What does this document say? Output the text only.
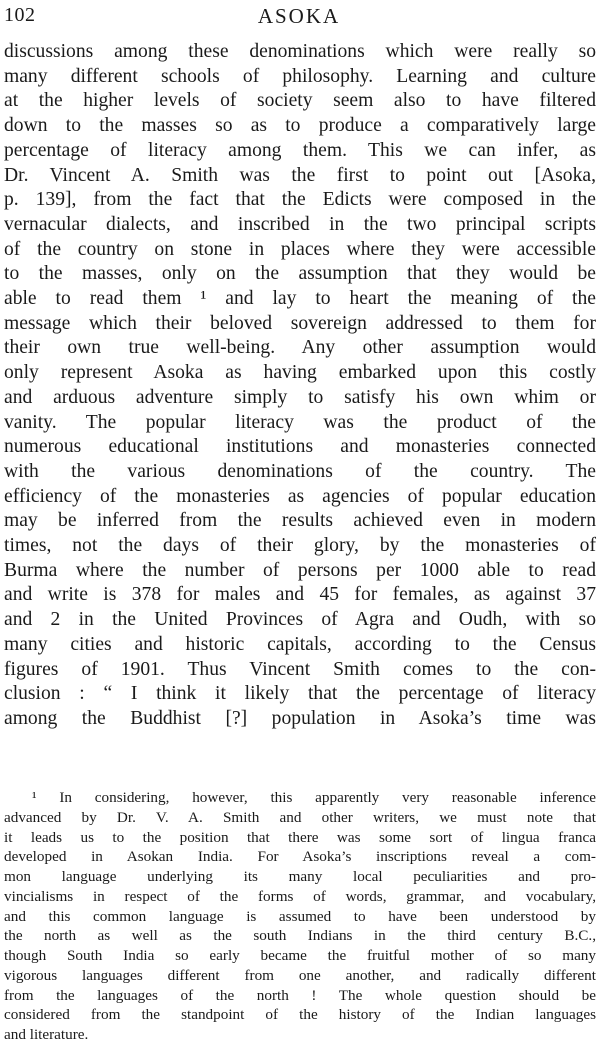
102	ASOKA
discussions among these denominations which were really so
many different schools of philosophy. Learning and culture
at the higher levels of society seem also to have filtered
down to the masses so as to produce a comparatively large
percentage of literacy among them. This we can infer, as
Dr. Vincent A. Smith was the first to point out [Asoka,
p. 139], from the fact that the Edicts were composed in the
vernacular dialects, and inscribed in the two principal scripts
of the country on stone in places where they were accessible
to the masses, only on the assumption that they would be
able to read them ¹ and lay to heart the meaning of the
message which their beloved sovereign addressed to them for
their own true well-being. Any other assumption would
only represent Asoka as having embarked upon this costly
and arduous adventure simply to satisfy his own whim or
vanity. The popular literacy was the product of the
numerous educational institutions and monasteries connected
with the various denominations of the country. The
efficiency of the monasteries as agencies of popular education
may be inferred from the results achieved even in modern
times, not the days of their glory, by the monasteries of
Burma where the number of persons per 1000 able to read
and write is 378 for males and 45 for females, as against 37
and 2 in the United Provinces of Agra and Oudh, with so
many cities and historic capitals, according to the Census
figures of 1901. Thus Vincent Smith comes to the con-
clusion : “ I think it likely that the percentage of literacy
among the Buddhist [?] population in Asoka’s time was
¹ In considering, however, this apparently very reasonable inference
advanced by Dr. V. A. Smith and other writers, we must note that
it leads us to the position that there was some sort of lingua franca
developed in Asokan India. For Asoka’s inscriptions reveal a com-
mon language underlying its many local peculiarities and pro-
vincialisms in respect of the forms of words, grammar, and vocabulary,
and this common language is assumed to have been understood by
the north as well as the south Indians in the third century B.C.,
though South India so early became the fruitful mother of so many
vigorous languages different from one another, and radically different
from the languages of the north ! The whole question should be
considered from the standpoint of the history of the Indian languages
and literature.
